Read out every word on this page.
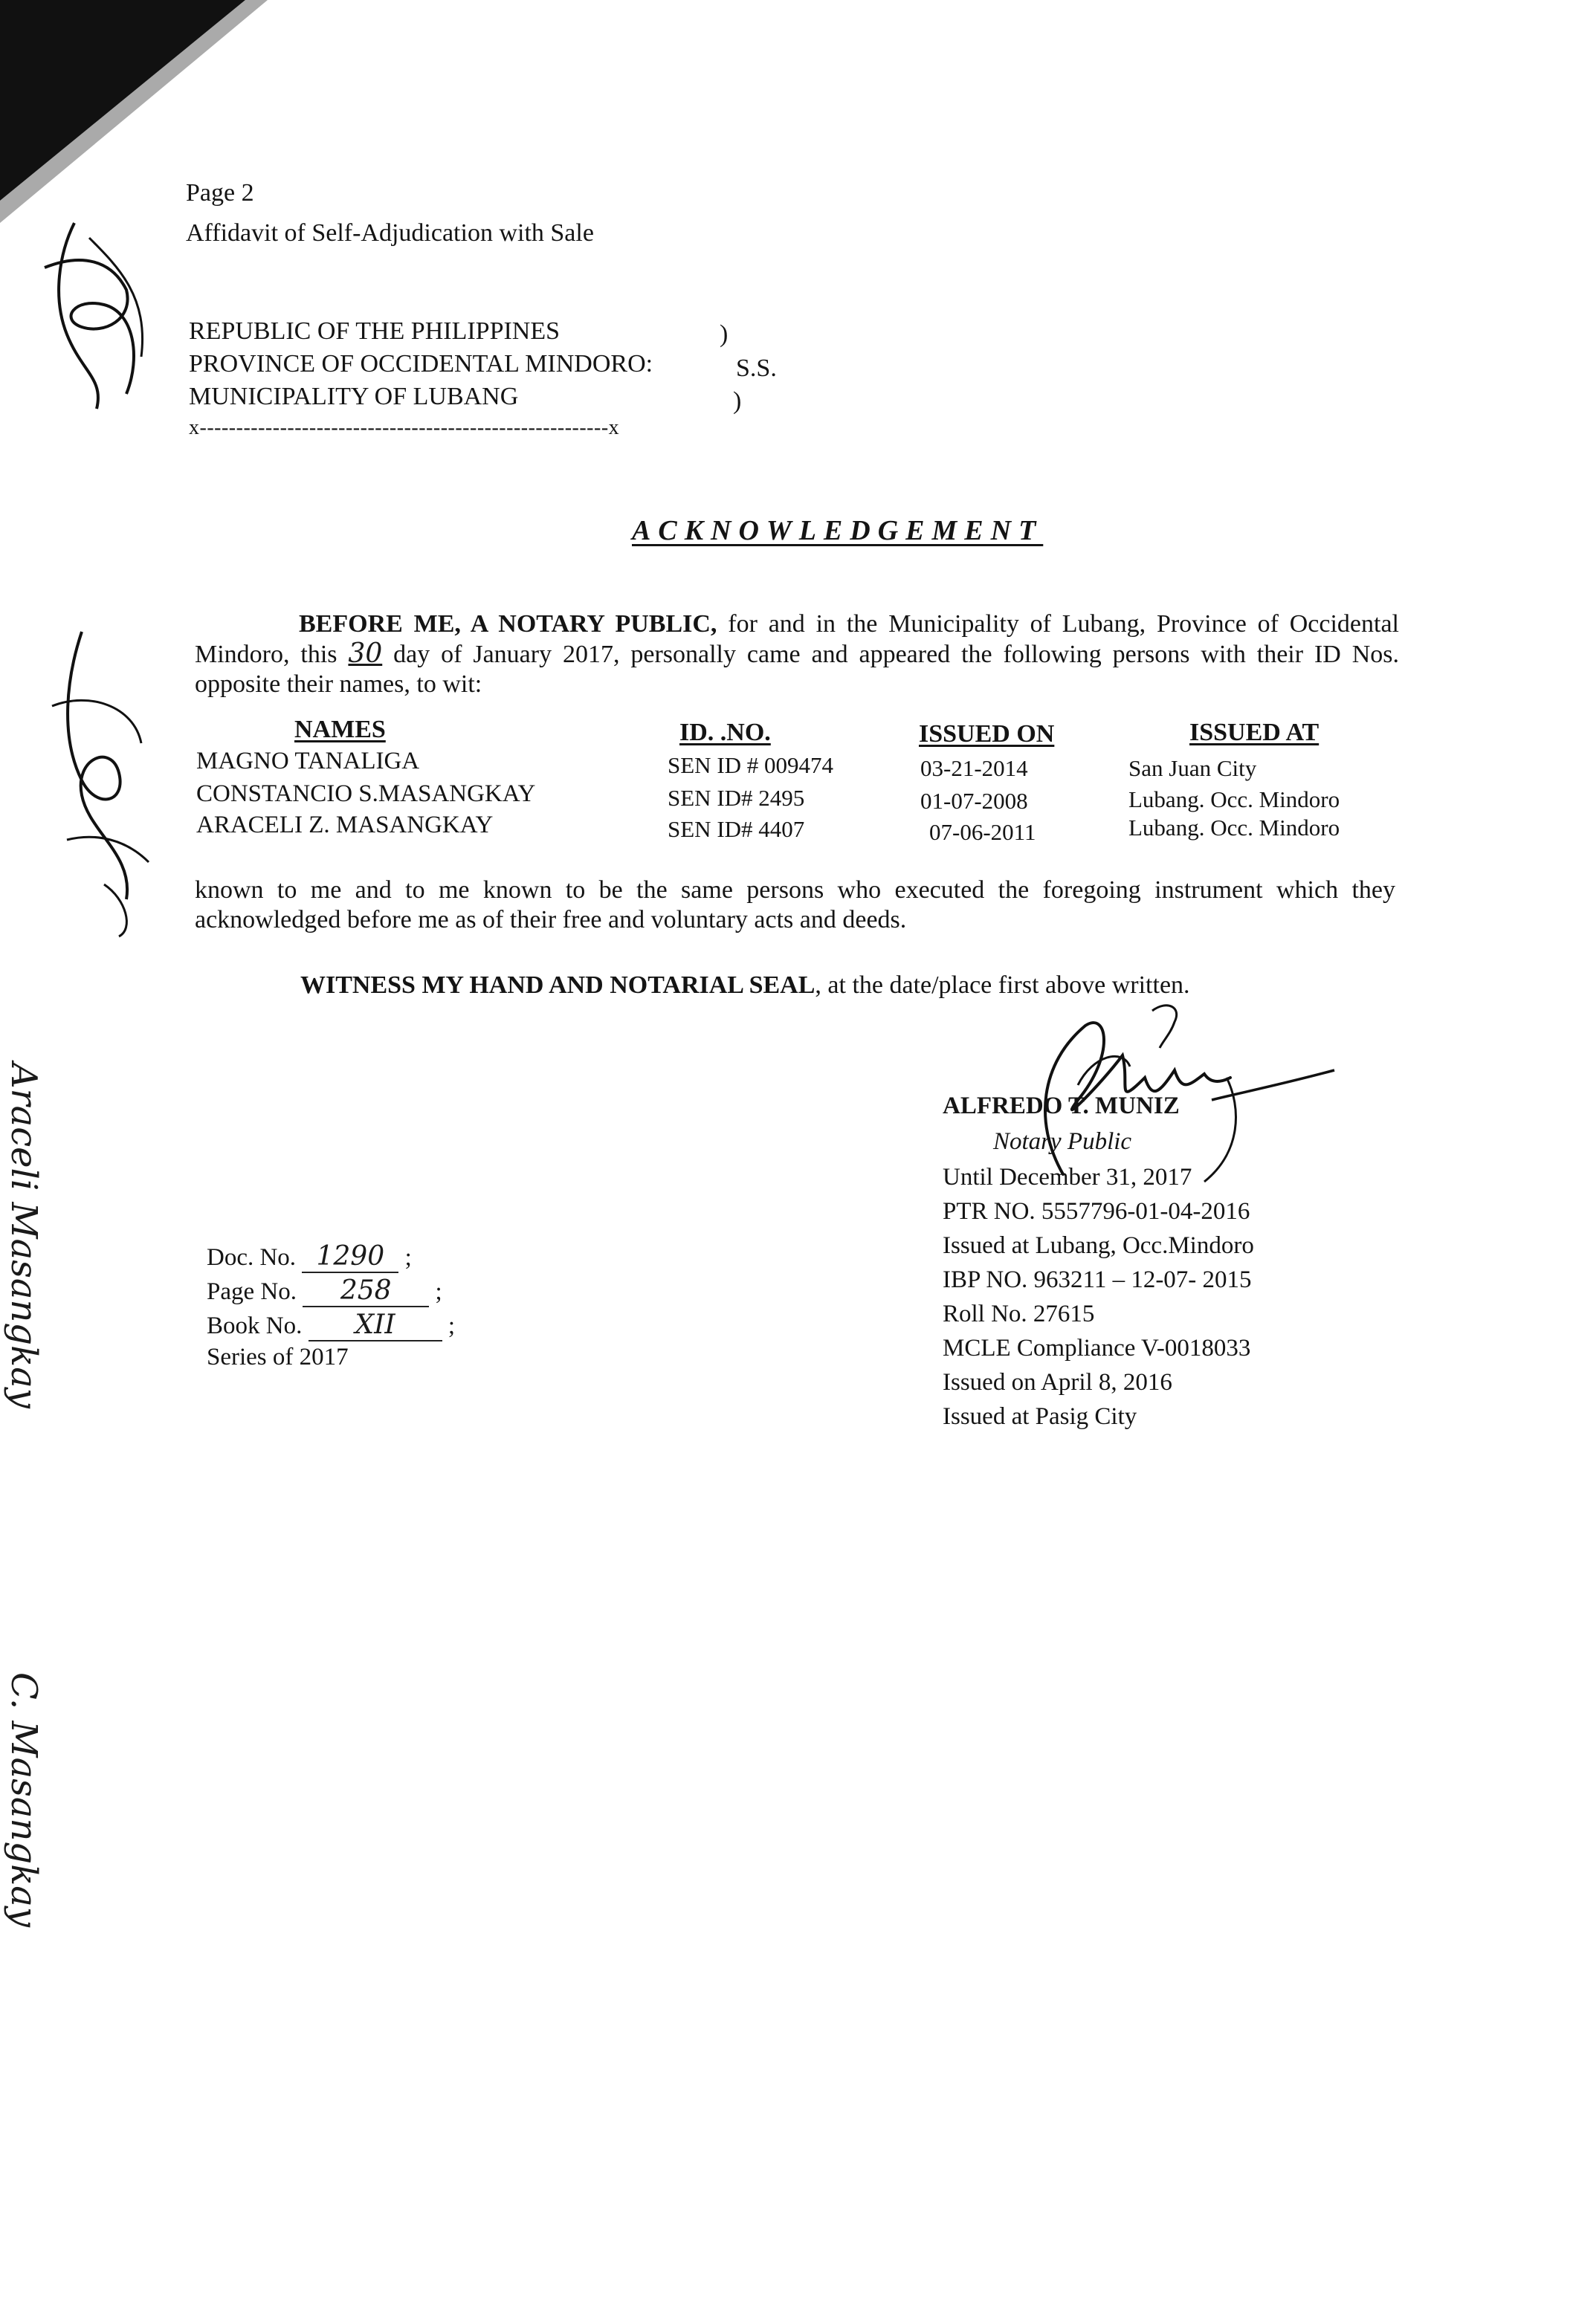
Page 2
Affidavit of Self-Adjudication with Sale
REPUBLIC OF THE PHILIPPINES	)
PROVINCE OF OCCIDENTAL MINDORO:	S.S.
MUNICIPALITY OF LUBANG	)
x--------------------------------------------------------x
ACKNOWLEDGEMENT
BEFORE ME, A NOTARY PUBLIC, for and in the Municipality of Lubang, Province of Occidental Mindoro, this 30 day of January 2017, personally came and appeared the following persons with their ID Nos. opposite their names, to wit:
NAMES	ID. .NO.	ISSUED ON	ISSUED AT
MAGNO TANALIGA	SEN ID # 009474	03-21-2014	San Juan City
CONSTANCIO S.MASANGKAY	SEN ID# 2495	01-07-2008	Lubang. Occ. Mindoro
ARACELI Z. MASANGKAY	SEN ID# 4407	07-06-2011	Lubang. Occ. Mindoro
known to me and to me known to be the same persons who executed the foregoing instrument which they acknowledged before me as of their free and voluntary acts and deeds.
WITNESS MY HAND AND NOTARIAL SEAL, at the date/place first above written.
ALFREDO T. MUNIZ
Notary Public
Until December 31, 2017
PTR NO. 5557796-01-04-2016
Issued at Lubang, Occ.Mindoro
IBP NO. 963211 – 12-07- 2015
Roll No. 27615
MCLE Compliance V-0018033
Issued on April 8, 2016
Issued at Pasig City
Doc. No. 1290 ;
Page No. 258 ;
Book No. XII ;
Series of 2017
Araceli Masangkay
C. Masangkay
